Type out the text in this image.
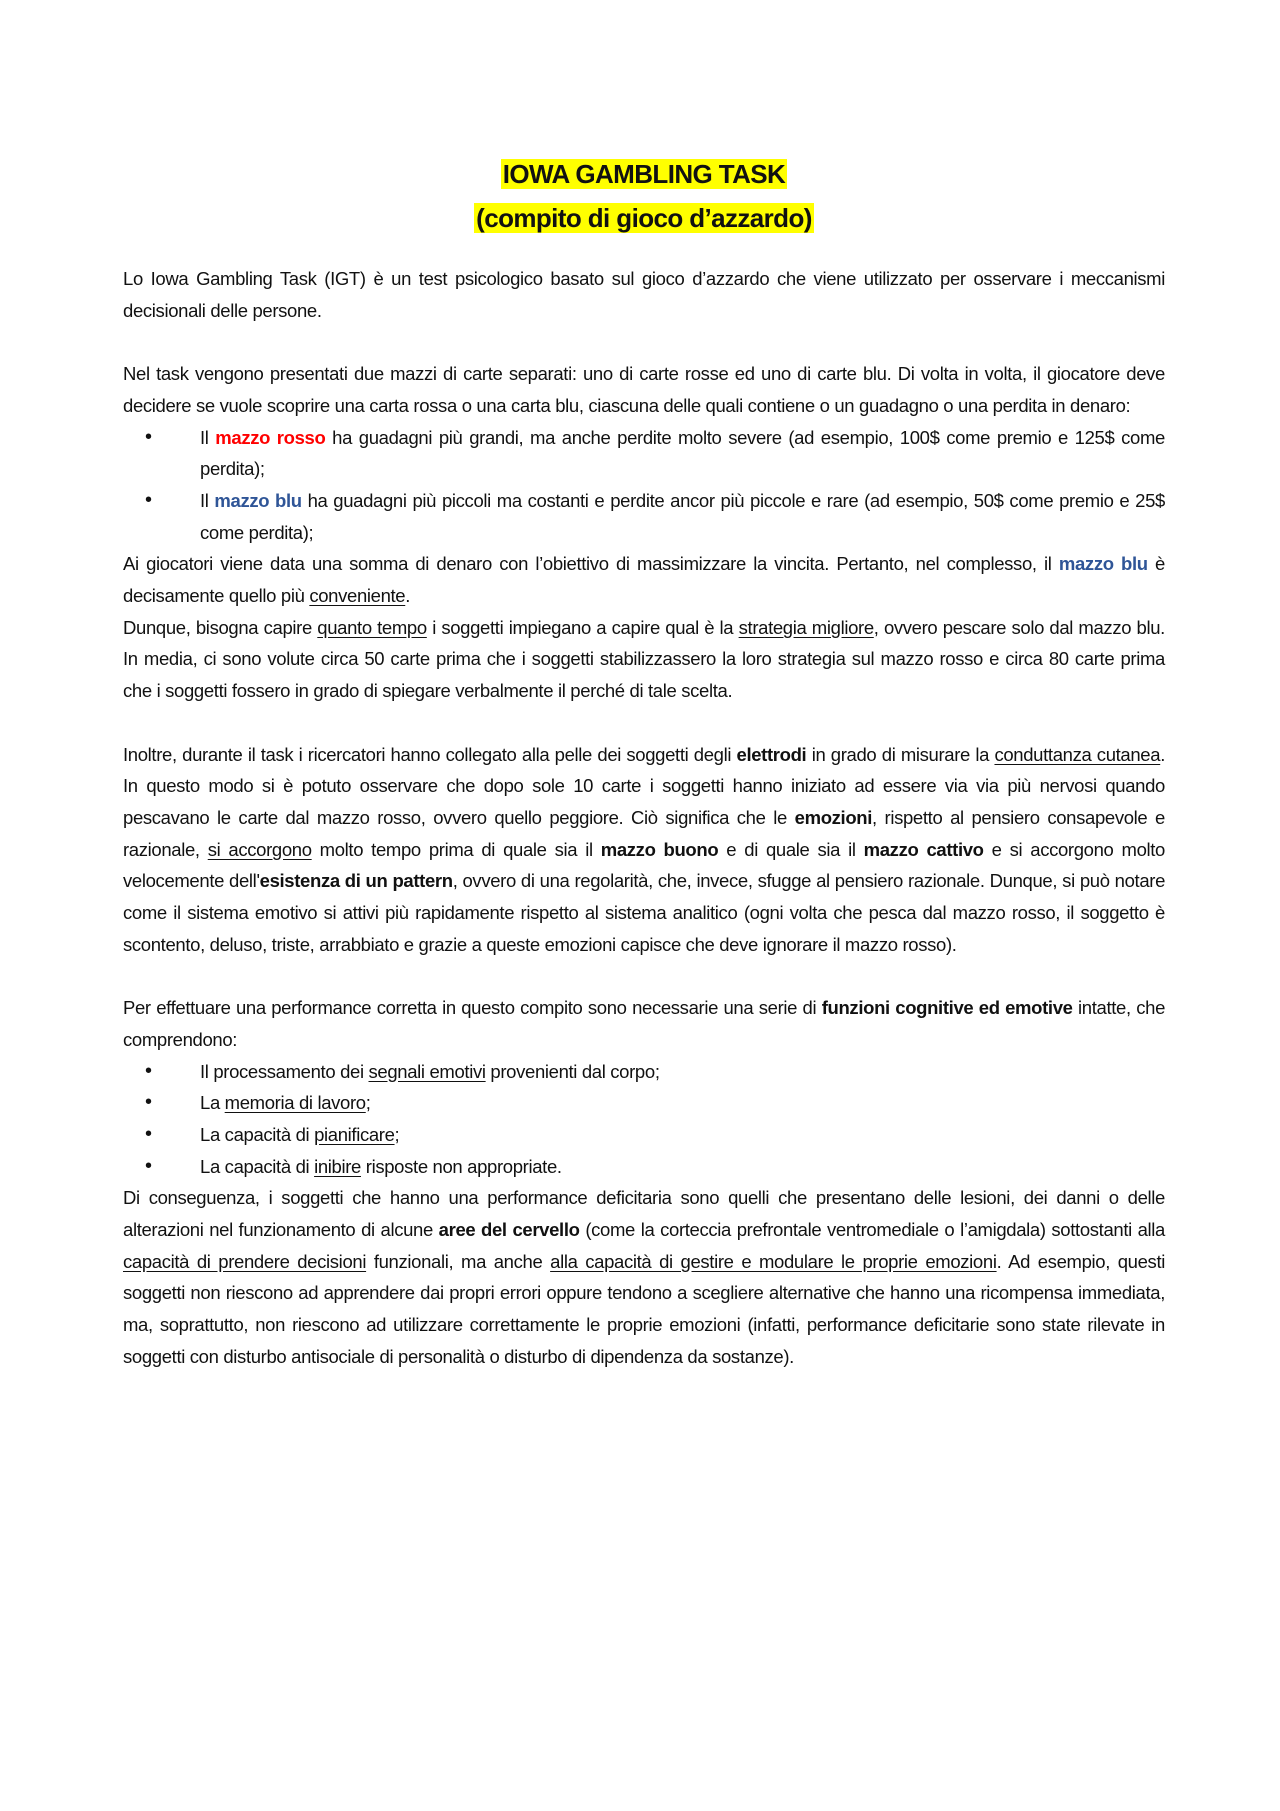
IOWA GAMBLING TASK
(compito di gioco d’azzardo)

Lo Iowa Gambling Task (IGT) è un test psicologico basato sul gioco d’azzardo che viene utilizzato per osservare i meccanismi decisionali delle persone.

Nel task vengono presentati due mazzi di carte separati: uno di carte rosse ed uno di carte blu. Di volta in volta, il giocatore deve decidere se vuole scoprire una carta rossa o una carta blu, ciascuna delle quali contiene o un guadagno o una perdita in denaro:

• Il mazzo rosso ha guadagni più grandi, ma anche perdite molto severe (ad esempio, 100$ come premio e 125$ come perdita);
• Il mazzo blu ha guadagni più piccoli ma costanti e perdite ancor più piccole e rare (ad esempio, 50$ come premio e 25$ come perdita);

Ai giocatori viene data una somma di denaro con l’obiettivo di massimizzare la vincita. Pertanto, nel complesso, il mazzo blu è decisamente quello più conveniente.

Dunque, bisogna capire quanto tempo i soggetti impiegano a capire qual è la strategia migliore, ovvero pescare solo dal mazzo blu. In media, ci sono volute circa 50 carte prima che i soggetti stabilizzassero la loro strategia sul mazzo rosso e circa 80 carte prima che i soggetti fossero in grado di spiegare verbalmente il perché di tale scelta.

Inoltre, durante il task i ricercatori hanno collegato alla pelle dei soggetti degli elettrodi in grado di misurare la conduttanza cutanea. In questo modo si è potuto osservare che dopo sole 10 carte i soggetti hanno iniziato ad essere via via più nervosi quando pescavano le carte dal mazzo rosso, ovvero quello peggiore. Ciò significa che le emozioni, rispetto al pensiero consapevole e razionale, si accorgono molto tempo prima di quale sia il mazzo buono e di quale sia il mazzo cattivo e si accorgono molto velocemente dell'esistenza di un pattern, ovvero di una regolarità, che, invece, sfugge al pensiero razionale. Dunque, si può notare come il sistema emotivo si attivi più rapidamente rispetto al sistema analitico (ogni volta che pesca dal mazzo rosso, il soggetto è scontento, deluso, triste, arrabbiato e grazie a queste emozioni capisce che deve ignorare il mazzo rosso).

Per effettuare una performance corretta in questo compito sono necessarie una serie di funzioni cognitive ed emotive intatte, che comprendono:

• Il processamento dei segnali emotivi provenienti dal corpo;
• La memoria di lavoro;
• La capacità di pianificare;
• La capacità di inibire risposte non appropriate.

Di conseguenza, i soggetti che hanno una performance deficitaria sono quelli che presentano delle lesioni, dei danni o delle alterazioni nel funzionamento di alcune aree del cervello (come la corteccia prefrontale ventromediale o l’amigdala) sottostanti alla capacità di prendere decisioni funzionali, ma anche alla capacità di gestire e modulare le proprie emozioni. Ad esempio, questi soggetti non riescono ad apprendere dai propri errori oppure tendono a scegliere alternative che hanno una ricompensa immediata, ma, soprattutto, non riescono ad utilizzare correttamente le proprie emozioni (infatti, performance deficitarie sono state rilevate in soggetti con disturbo antisociale di personalità o disturbo di dipendenza da sostanze).
